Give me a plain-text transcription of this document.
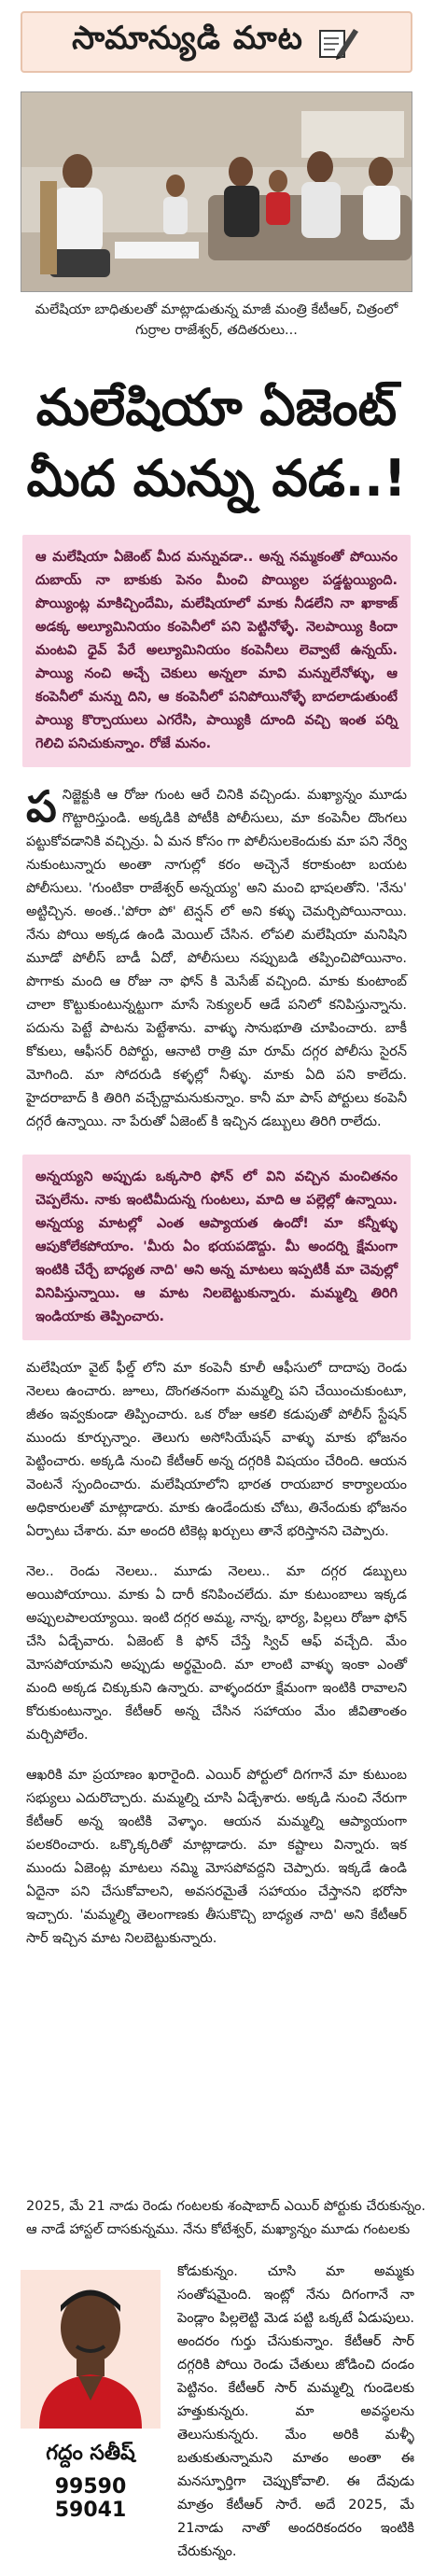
సామాన్యుడి మాట
మలేషియా బాధితులతో మాట్లాడుతున్న మాజీ మంత్రి కేటీఆర్, చిత్రంలో గుర్రాల రాజేశ్వర్, తదితరులు...
మలేషియా ఏజెంట్
మీద మన్ను వడ..!
ఆ మలేషియా ఏజెంట్ మీద మన్నువడా.. అన్న నమ్మకంతో పోయినం దుబాయ్ నా బాకుకు పెనం మీంచి పొయ్యిల పడ్డట్టయ్యింది. పొయ్యింట్ల మాకిచ్చిందేమి, మలేషియాలో మాకు నీడలేని నా ఖాకాజ్ అడక్క అల్యూమినియం కంపెనీలో పని పెట్టినోళ్ళే. నెలపాయ్యి కిందా మంటవి ధైవ్ పేరే అల్యూమినియం కంపెనీలు లెవ్వాటే ఉన్నయ్. పాయ్యి నంచి అచ్చే చెకులు అన్నలా మావి మన్నులేనోళ్ళు, ఆ కంపెనీలో మన్ను దిని, ఆ కంపెనీలో పనిపోయినోళ్ళే బాదలాడుతుంటే పాయ్యి కొర్చాయులు ఎగరేసి, పాయ్యికి దూంది వచ్చి ఇంత పర్ని గెలిచి పనిచుకున్నాం. రోజే మనం.
ప నిజ్జెక్టుకి ఆ రోజు గుంట ఆరే చినికి వచ్చిండు. మఖ్యాన్నం మూడు గొట్టారిస్తుండి. అక్కడికి పోటీకి పోలీసులు, మా కంపెనీల దొంగలు పట్టుకోవడానికి వచ్చిన్రు. ఏ మన కోసం గా పోలీసులకెందుకు మా పని నేర్వి నుకుంటున్నారు అంతా నాగుల్లో కరం అచ్చెనే కరాకుంటా బయట పోలీసులు. 'గుంటికా రాజేశ్వర్ అన్నయ్య' అని మంచి భాషలతోని. 'నేను' అట్టిచ్చిన. అంత..'పోరా పో' టెన్షన్ లో అని కళ్ళు చెమర్చిపోయినాయి. నేను పోయి అక్కడ ఉండి మెయిల్ చేసిన. లోపలి మలేషియా మనిషిని మూడో పోలీస్ బాడీ ఏదో, పోలీసులు నప్పుబడి తప్పించిపోయినాం. పొగాకు మంది ఆ రోజు నా ఫోన్ కి మెసేజ్ వచ్చింది. మాకు కుంటాంబ్ చాలా కొట్టుకుంటున్నట్టుగా మాసే సెక్యులర్ ఆడే పనిలో కనిపిస్తున్నాను. పదును పెట్టే పాటను పెట్టేశాను. వాళ్ళు సానుభూతి చూపించారు. బాకీ కోకులు, ఆఫీసర్ రిపోర్టు, ఆనాటి రాత్రి మా రూమ్ దగ్గర పోలీసు సైరన్ మోగింది. మా సోదరుడి కళ్ళల్లో నీళ్ళు. మాకు ఏది పని కాలేదు. హైదరాబాద్ కి తిరిగి వచ్చేద్దామనుకున్నాం. కానీ మా పాస్ పోర్టులు కంపెనీ దగ్గరే ఉన్నాయి. నా పేరుతో ఏజెంట్ కి ఇచ్చిన డబ్బులు తిరిగి రాలేదు.
అన్నయ్యని అప్పుడు ఒక్కసారి ఫోన్ లో విని వచ్చిన మంచితనం చెప్పలేను. నాకు ఇంటిమీదున్న గుంటలు, మాది ఆ పల్లెల్లో ఉన్నాయి. అన్నయ్య మాటల్లో ఎంత ఆప్యాయత ఉందో! మా కన్నీళ్ళు ఆపుకోలేకపోయాం. 'మీరు ఏం భయపడొద్దు. మీ అందర్ని క్షేమంగా ఇంటికి చేర్చే బాధ్యత నాది' అని అన్న మాటలు ఇప్పటికీ మా చెవుల్లో వినిపిస్తున్నాయి. ఆ మాట నిలబెట్టుకున్నారు. మమ్మల్ని తిరిగి ఇండియాకు తెప్పించారు.
మలేషియా వైట్ ఫీల్డ్ లోని మా కంపెనీ కూలీ ఆఫీసులో దాదాపు రెండు నెలలు ఉంచారు. జూలు, దొంగతనంగా మమ్మల్ని పని చేయించుకుంటూ, జీతం ఇవ్వకుండా తిప్పించారు. ఒక రోజు ఆకలి కడుపుతో పోలీస్ స్టేషన్ ముందు కూర్చున్నాం. తెలుగు అసోసియేషన్ వాళ్ళు మాకు భోజనం పెట్టించారు. అక్కడి నుంచి కేటీఆర్ అన్న దగ్గరికి విషయం చేరింది. ఆయన వెంటనే స్పందించారు. మలేషియాలోని భారత రాయబార కార్యాలయం అధికారులతో మాట్లాడారు. మాకు ఉండేందుకు చోటు, తినేందుకు భోజనం ఏర్పాటు చేశారు. మా అందరి టికెట్ల ఖర్చులు తానే భరిస్తానని చెప్పారు.
నెల.. రెండు నెలలు.. మూడు నెలలు.. మా దగ్గర డబ్బులు అయిపోయాయి. మాకు ఏ దారీ కనిపించలేదు. మా కుటుంబాలు ఇక్కడ అప్పులపాలయ్యాయి. ఇంటి దగ్గర అమ్మ, నాన్న, భార్య, పిల్లలు రోజూ ఫోన్ చేసి ఏడ్చేవారు. ఏజెంట్ కి ఫోన్ చేస్తే స్విచ్ ఆఫ్ వచ్చేది. మేం మోసపోయామని అప్పుడు అర్థమైంది. మా లాంటి వాళ్ళు ఇంకా ఎంతో మంది అక్కడ చిక్కుకుని ఉన్నారు. వాళ్ళందరూ క్షేమంగా ఇంటికి రావాలని కోరుకుంటున్నాం. కేటీఆర్ అన్న చేసిన సహాయం మేం జీవితాంతం మర్చిపోలేం.
ఆఖరికి మా ప్రయాణం ఖరారైంది. ఎయిర్ పోర్టులో దిగగానే మా కుటుంబ సభ్యులు ఎదురొచ్చారు. మమ్మల్ని చూసి ఏడ్చేశారు. అక్కడి నుంచి నేరుగా కేటీఆర్ అన్న ఇంటికి వెళ్ళాం. ఆయన మమ్మల్ని ఆప్యాయంగా పలకరించారు. ఒక్కొక్కరితో మాట్లాడారు. మా కష్టాలు విన్నారు. ఇక ముందు ఏజెంట్ల మాటలు నమ్మి మోసపోవద్దని చెప్పారు. ఇక్కడే ఉండి ఏదైనా పని చేసుకోవాలని, అవసరమైతే సహాయం చేస్తానని భరోసా ఇచ్చారు. 'మమ్మల్ని తెలంగాణకు తీసుకొచ్చి బాధ్యత నాది' అని కేటీఆర్ సార్ ఇచ్చిన మాట నిలబెట్టుకున్నారు.
2025, మే 21 నాడు రెండు గంటలకు శంషాబాద్ ఎయిర్ పోర్టుకు చేరుకున్నం. ఆ నాడే హాస్టల్ దాసకున్నము. నేను కోటేశ్వర్, మఖ్యాన్నం మూడు గంటలకు
గద్దం సతీష్
99590 59041
కోడుకున్నం. చూసి మా అమ్మకు సంతోషమైంది. ఇంట్లో నేను దిగంగానే నా పెండ్లాం పిల్లలెట్టి మెడ పట్టి ఒక్కటే ఏడుపులు. అందరం గుర్తు చేసుకున్నాం. కేటీఆర్ సార్ దగ్గరికి పోయి రెండు చేతులు జోడించి దండం పెట్టినం. కేటీఆర్ సార్ మమ్మల్ని గుండెలకు హత్తుకున్నరు. మా అవస్థలను తెలుసుకున్నరు. మేం అరికి మళ్ళీ బతుకుతున్నామని మాతం అంతా ఈ మనస్ఫూర్తిగా చెప్పుకోవాలి. ఈ దేవుడు మాత్రం కేటీఆర్ సారే. అదే 2025, మే 21నాడు నాతో అందరికందరం ఇంటికి చేరుకున్నం.
